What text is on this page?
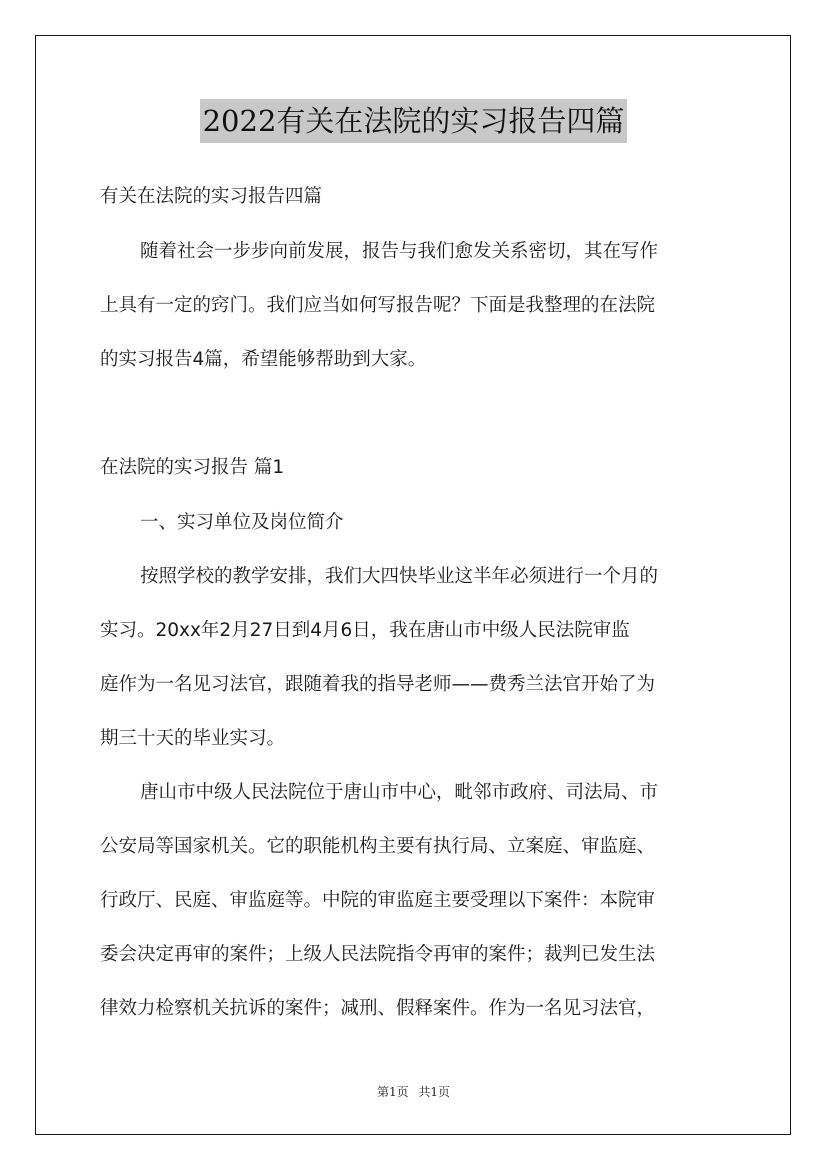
2022有关在法院的实习报告四篇

有关在法院的实习报告四篇

随着社会一步步向前发展，报告与我们愈发关系密切，其在写作

上具有一定的窍门。我们应当如何写报告呢？下面是我整理的在法院

的实习报告4篇，希望能够帮助到大家。

在法院的实习报告 篇1

一、实习单位及岗位简介

按照学校的教学安排，我们大四快毕业这半年必须进行一个月的

实习。20xx年2月27日到4月6日，我在唐山市中级人民法院审监

庭作为一名见习法官，跟随着我的指导老师——费秀兰法官开始了为

期三十天的毕业实习。

唐山市中级人民法院位于唐山市中心，毗邻市政府、司法局、市

公安局等国家机关。它的职能机构主要有执行局、立案庭、审监庭、

行政厅、民庭、审监庭等。中院的审监庭主要受理以下案件：本院审

委会决定再审的案件；上级人民法院指令再审的案件；裁判已发生法

律效力检察机关抗诉的案件；减刑、假释案件。作为一名见习法官，

第1页 共1页
